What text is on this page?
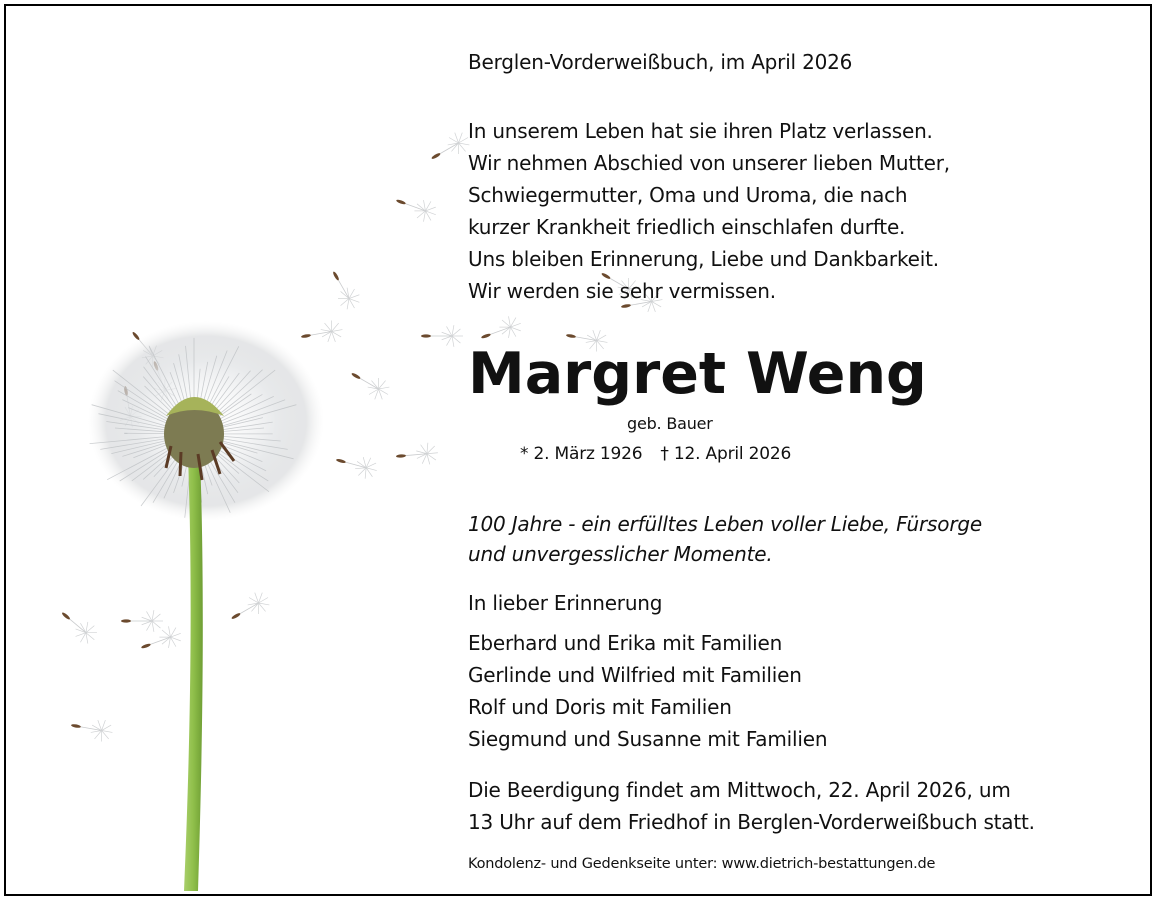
Berglen-Vorderweißbuch, im April 2026

In unserem Leben hat sie ihren Platz verlassen.
Wir nehmen Abschied von unserer lieben Mutter,
Schwiegermutter, Oma und Uroma, die nach
kurzer Krankheit friedlich einschlafen durfte.
Uns bleiben Erinnerung, Liebe und Dankbarkeit.
Wir werden sie sehr vermissen.
Margret Weng

geb. Bauer

* 2. März 1926 † 12. April 2026

100 Jahre - ein erfülltes Leben voller Liebe, Fürsorge
und unvergesslicher Momente.

In lieber Erinnerung

Eberhard und Erika mit Familien
Gerlinde und Wilfried mit Familien
Rolf und Doris mit Familien
Siegmund und Susanne mit Familien
Die Beerdigung findet am Mittwoch, 22. April 2026, um
13 Uhr auf dem Friedhof in Berglen-Vorderweißbuch statt.

Kondolenz- und Gedenkseite unter: www.dietrich-bestattungen.de
